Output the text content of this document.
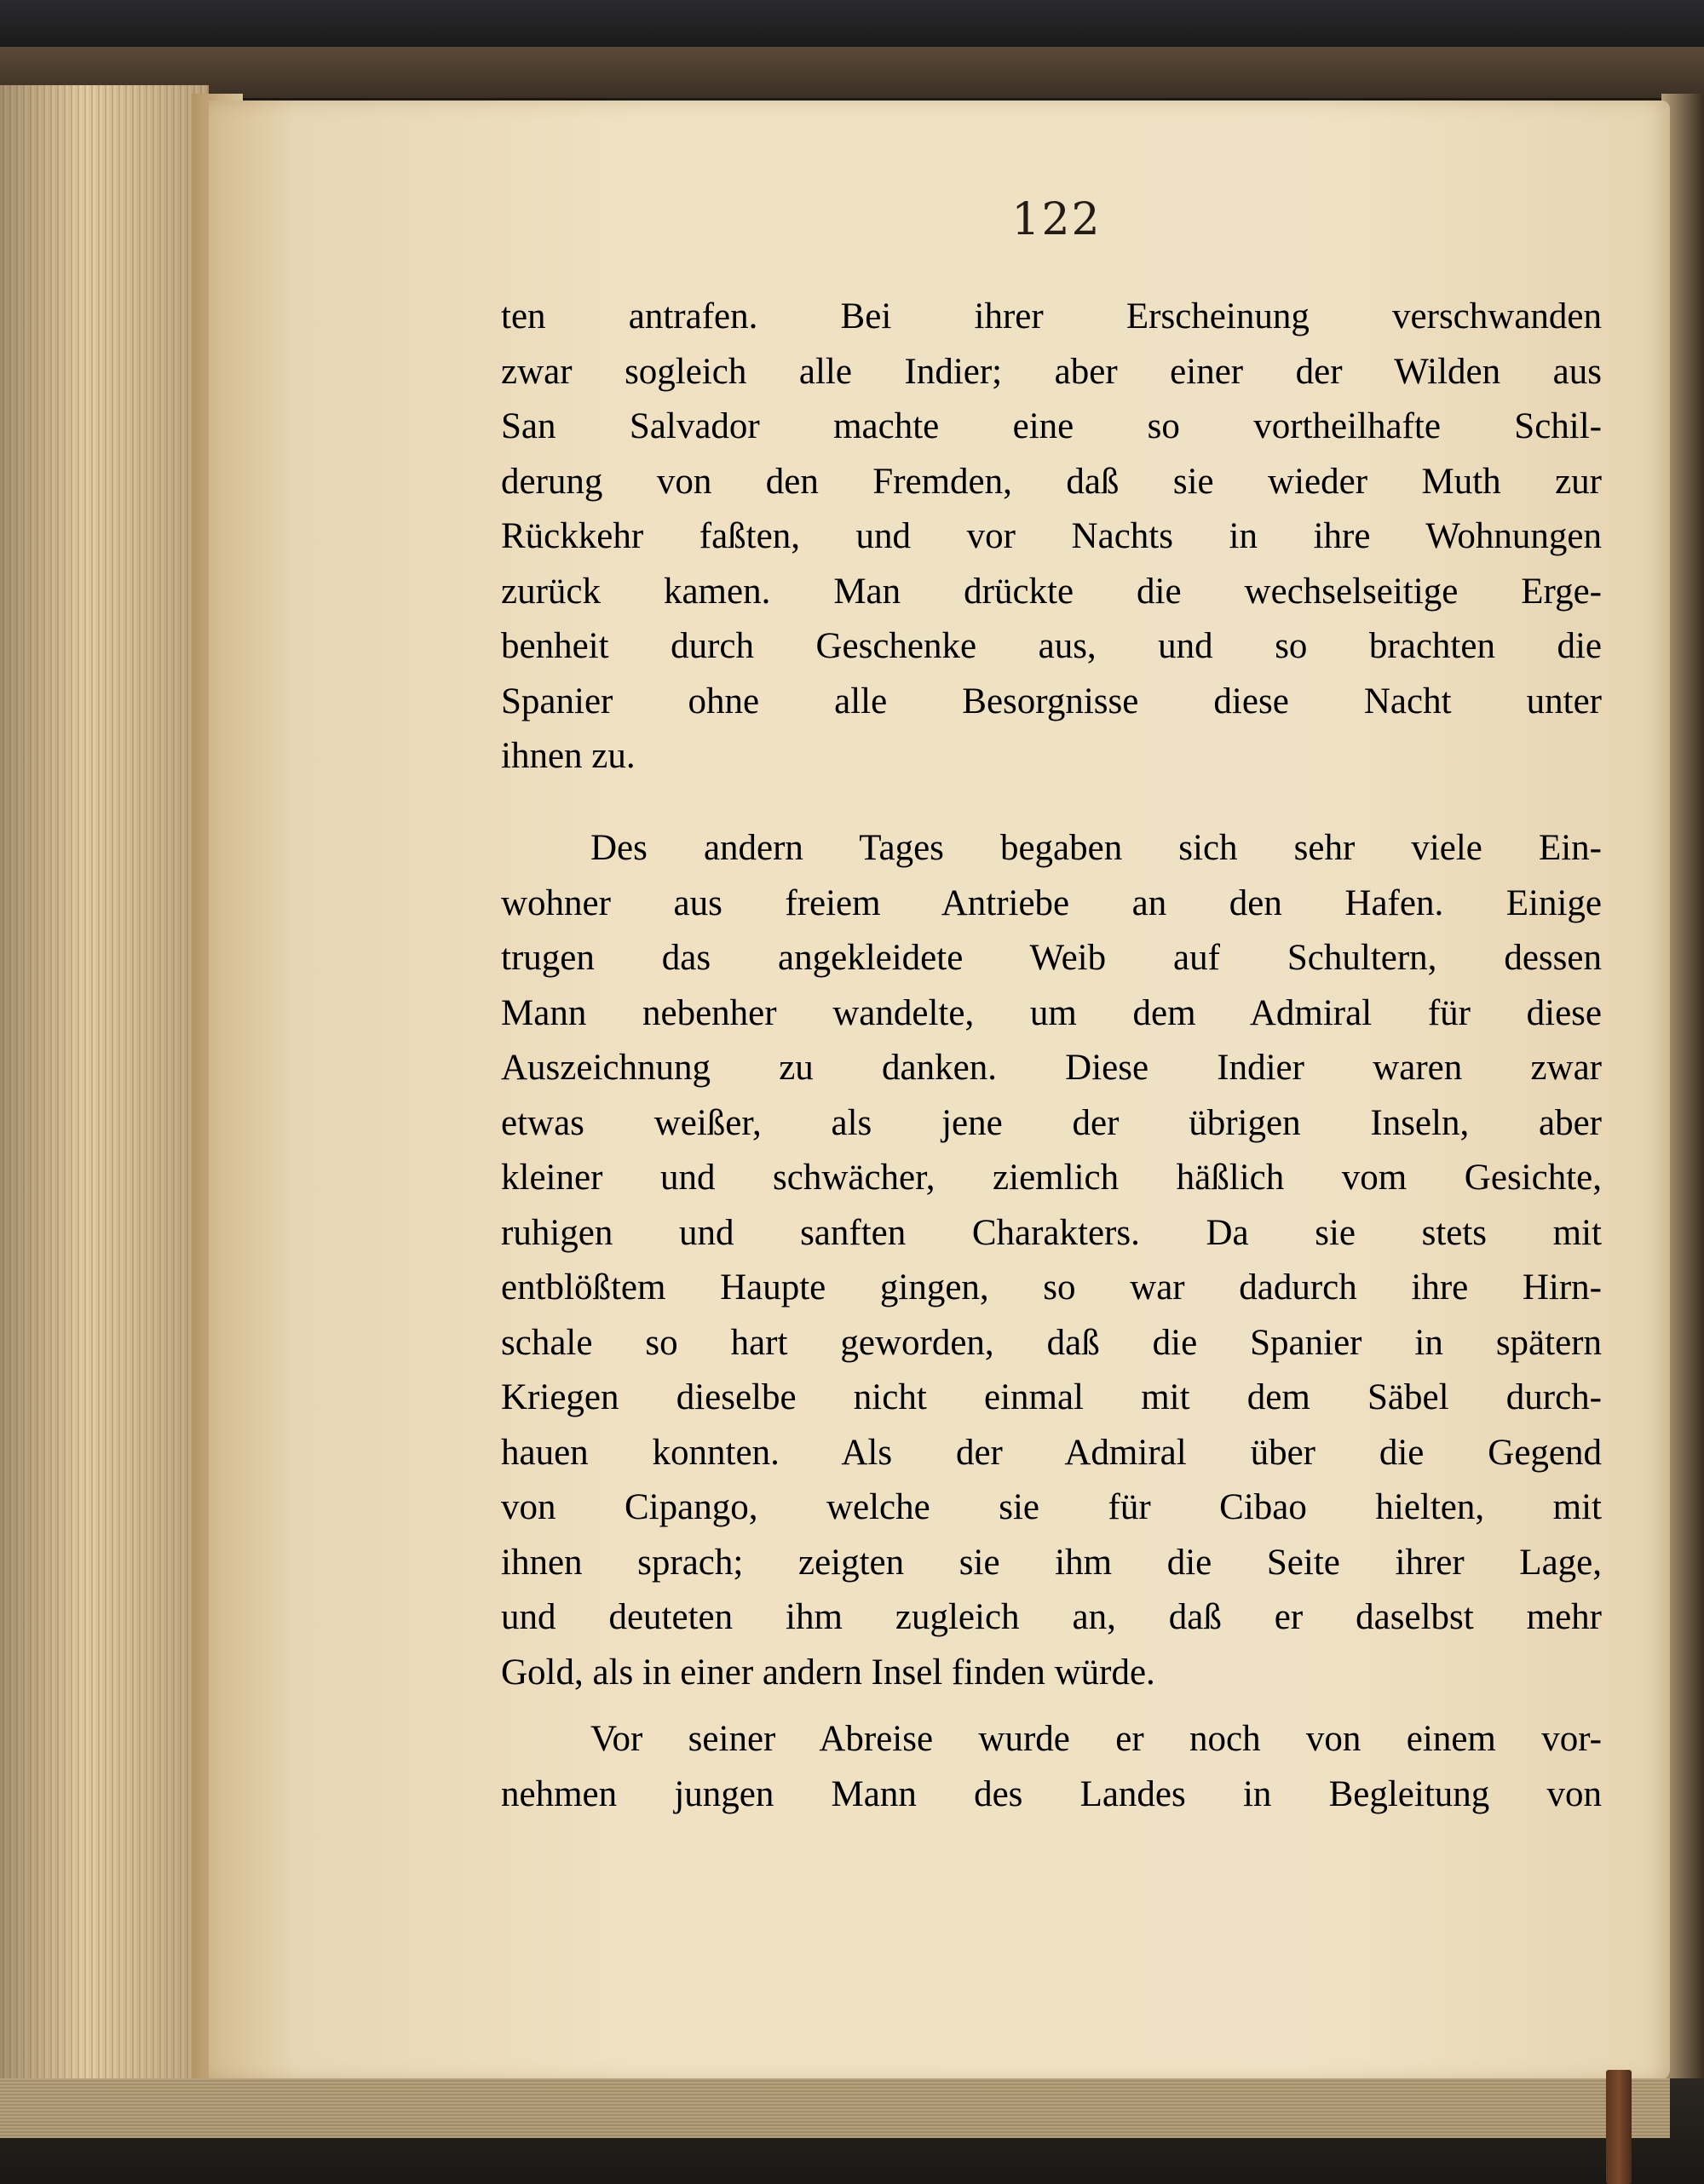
122
ten antrafen. Bei ihrer Erscheinung verschwanden
zwar sogleich alle Indier; aber einer der Wilden aus
San Salvador machte eine so vortheilhafte Schil-
derung von den Fremden, daß sie wieder Muth zur
Rückkehr faßten, und vor Nachts in ihre Wohnungen
zurück kamen. Man drückte die wechselseitige Erge-
benheit durch Geschenke aus, und so brachten die
Spanier ohne alle Besorgnisse diese Nacht unter
ihnen zu.
Des andern Tages begaben sich sehr viele Ein-
wohner aus freiem Antriebe an den Hafen. Einige
trugen das angekleidete Weib auf Schultern, dessen
Mann nebenher wandelte, um dem Admiral für diese
Auszeichnung zu danken. Diese Indier waren zwar
etwas weißer, als jene der übrigen Inseln, aber
kleiner und schwächer, ziemlich häßlich vom Gesichte,
ruhigen und sanften Charakters. Da sie stets mit
entblößtem Haupte gingen, so war dadurch ihre Hirn-
schale so hart geworden, daß die Spanier in spätern
Kriegen dieselbe nicht einmal mit dem Säbel durch-
hauen konnten. Als der Admiral über die Gegend
von Cipango, welche sie für Cibao hielten, mit
ihnen sprach; zeigten sie ihm die Seite ihrer Lage,
und deuteten ihm zugleich an, daß er daselbst mehr
Gold, als in einer andern Insel finden würde.
Vor seiner Abreise wurde er noch von einem vor-
nehmen jungen Mann des Landes in Begleitung von
